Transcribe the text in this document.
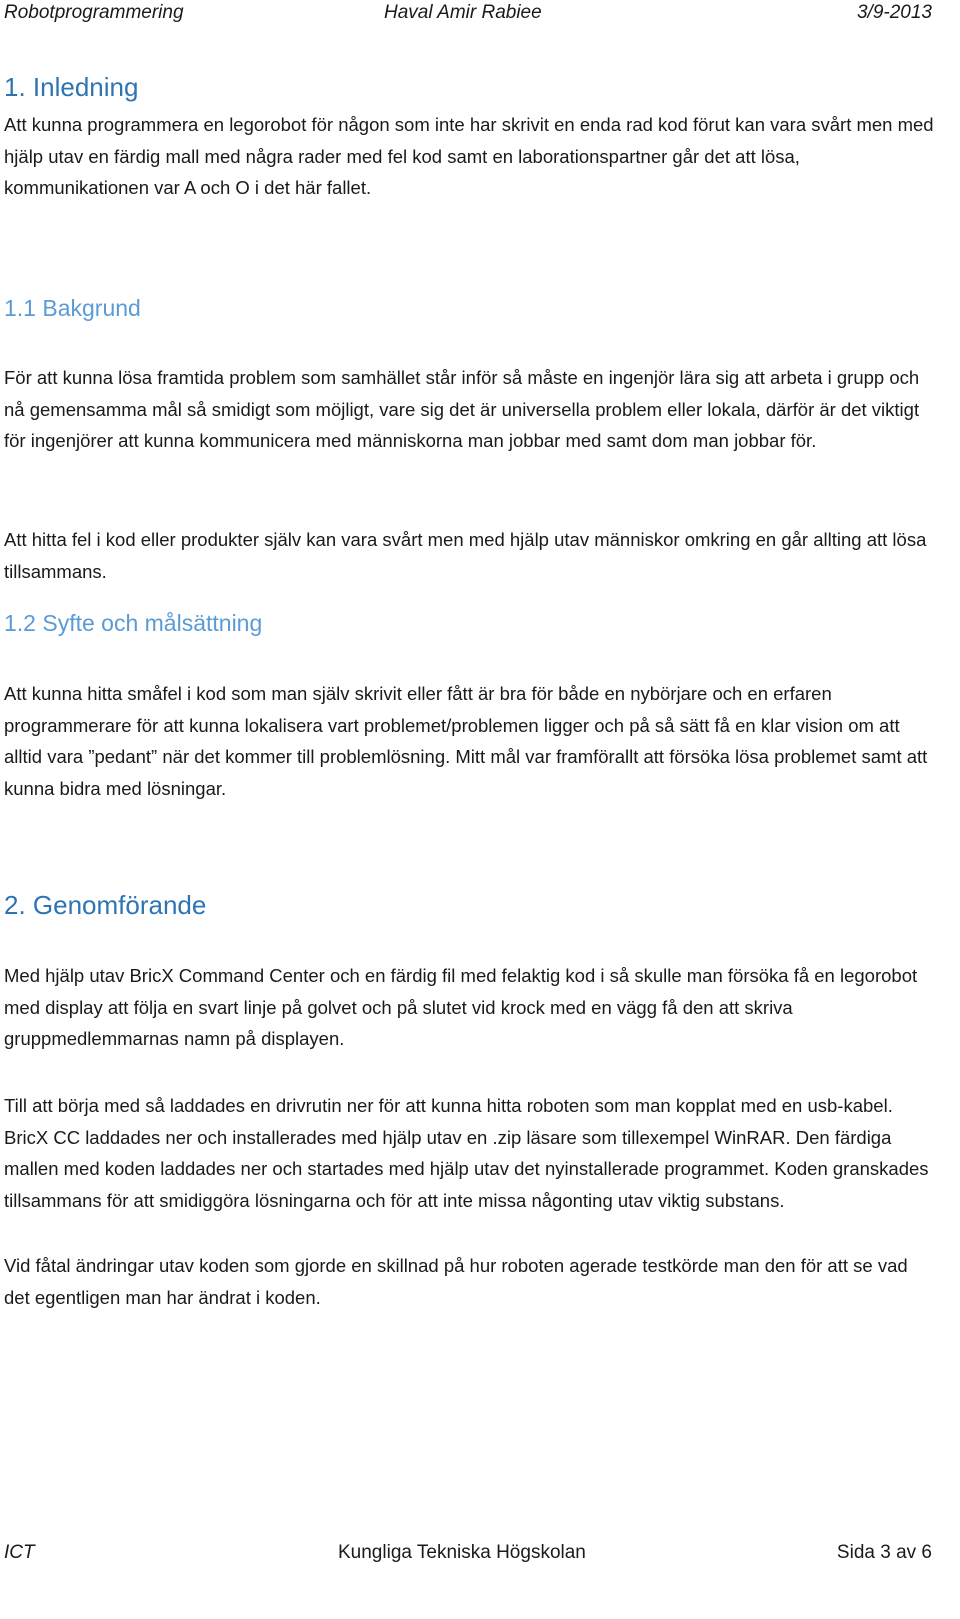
Robotprogrammering	Haval Amir Rabiee	3/9-2013
1. Inledning

Att kunna programmera en legorobot för någon som inte har skrivit en enda rad kod förut kan vara svårt men med hjälp utav en färdig mall med några rader med fel kod samt en laborationspartner går det att lösa, kommunikationen var A och O i det här fallet.

1.1 Bakgrund

För att kunna lösa framtida problem som samhället står inför så måste en ingenjör lära sig att arbeta i grupp och nå gemensamma mål så smidigt som möjligt, vare sig det är universella problem eller lokala, därför är det viktigt för ingenjörer att kunna kommunicera med människorna man jobbar med samt dom man jobbar för.

Att hitta fel i kod eller produkter själv kan vara svårt men med hjälp utav människor omkring en går allting att lösa tillsammans.

1.2 Syfte och målsättning

Att kunna hitta småfel i kod som man själv skrivit eller fått är bra för både en nybörjare och en erfaren programmerare för att kunna lokalisera vart problemet/problemen ligger och på så sätt få en klar vision om att alltid vara ”pedant” när det kommer till problemlösning. Mitt mål var framförallt att försöka lösa problemet samt att kunna bidra med lösningar.

2. Genomförande

Med hjälp utav BricX Command Center och en färdig fil med felaktig kod i så skulle man försöka få en legorobot med display att följa en svart linje på golvet och på slutet vid krock med en vägg få den att skriva gruppmedlemmarnas namn på displayen.

Till att börja med så laddades en drivrutin ner för att kunna hitta roboten som man kopplat med en usb-kabel. BricX CC laddades ner och installerades med hjälp utav en .zip läsare som tillexempel WinRAR. Den färdiga mallen med koden laddades ner och startades med hjälp utav det nyinstallerade programmet. Koden granskades tillsammans för att smidiggöra lösningarna och för att inte missa någonting utav viktig substans.

Vid fåtal ändringar utav koden som gjorde en skillnad på hur roboten agerade testkörde man den för att se vad det egentligen man har ändrat i koden.

ICT	Kungliga Tekniska Högskolan	Sida 3 av 6
